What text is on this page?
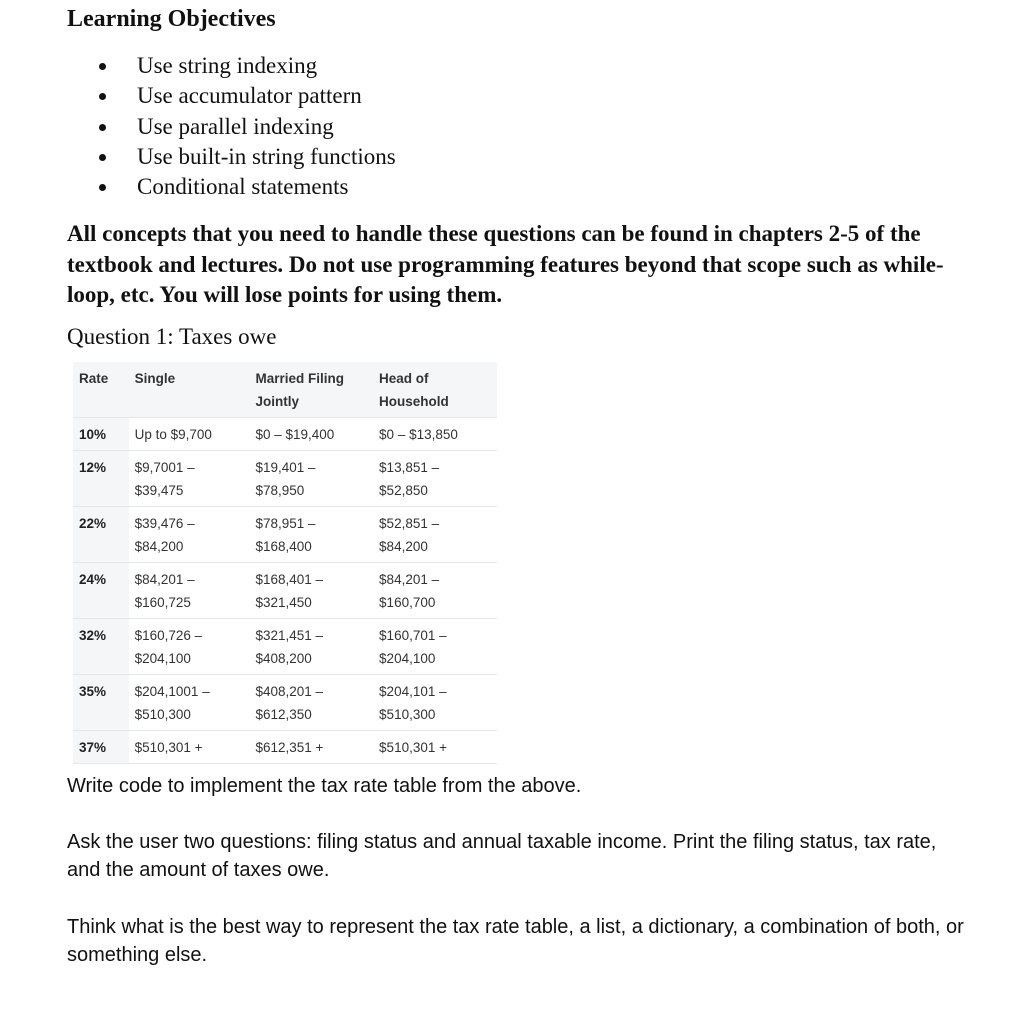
Learning Objectives
Use string indexing
Use accumulator pattern
Use parallel indexing
Use built-in string functions
Conditional statements

All concepts that you need to handle these questions can be found in chapters 2-5 of the textbook and lectures. Do not use programming features beyond that scope such as while-loop, etc. You will lose points for using them.

Question 1: Taxes owe
Rate	Single	Married Filing Jointly	Head of Household
10%	Up to $9,700	$0 – $19,400	$0 – $13,850
12%	$9,7001 – $39,475	$19,401 – $78,950	$13,851 – $52,850
22%	$39,476 – $84,200	$78,951 – $168,400	$52,851 – $84,200
24%	$84,201 – $160,725	$168,401 – $321,450	$84,201 – $160,700
32%	$160,726 – $204,100	$321,451 – $408,200	$160,701 – $204,100
35%	$204,1001 – $510,300	$408,201 – $612,350	$204,101 – $510,300
37%	$510,301 +	$612,351 +	$510,301 +

Write code to implement the tax rate table from the above.

Ask the user two questions: filing status and annual taxable income. Print the filing status, tax rate, and the amount of taxes owe.

Think what is the best way to represent the tax rate table, a list, a dictionary, a combination of both, or something else.
